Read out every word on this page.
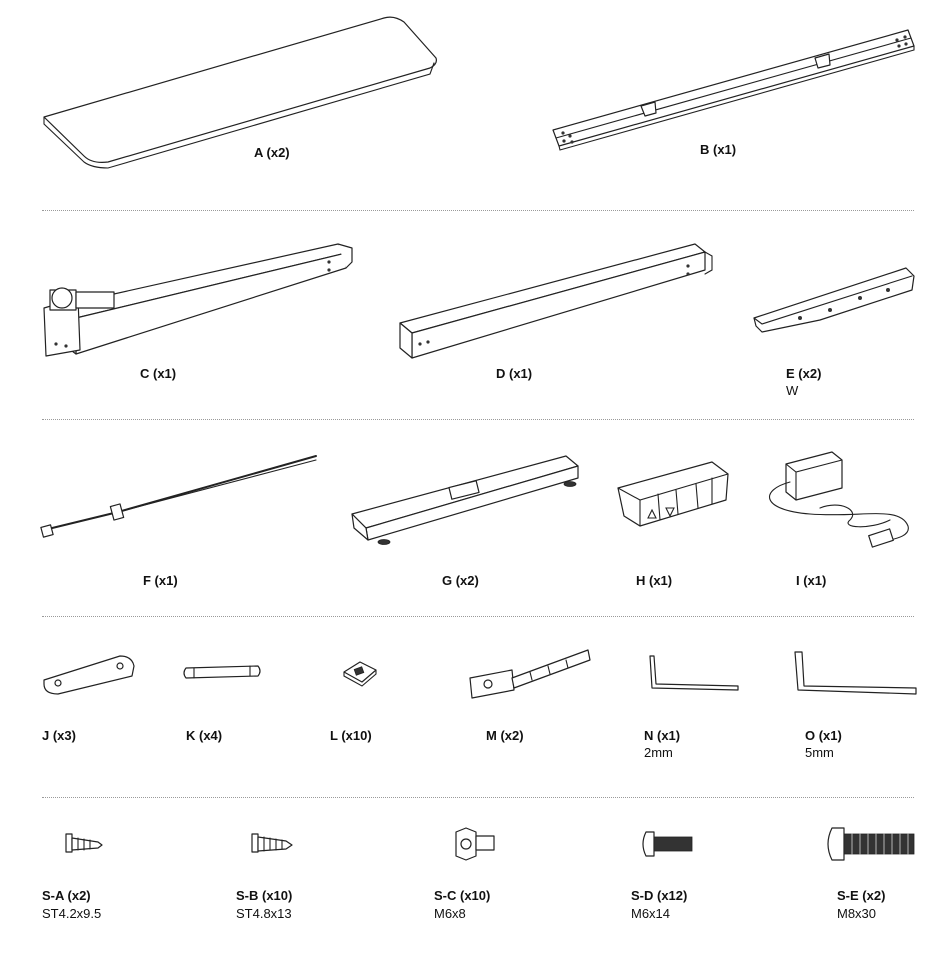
A (x2)	B (x1)
C (x1)	D (x1)	E (x2)
W
F (x1)	G (x2)	H (x1)	I (x1)
J (x3)	K (x4)	L (x10)	M (x2)	N (x1)
2mm
O (x1)
5mm
S-A (x2)
ST4.2x9.5
S-B (x10)
ST4.8x13
S-C (x10)
M6x8
S-D (x12)
M6x14
S-E (x2)
M8x30
